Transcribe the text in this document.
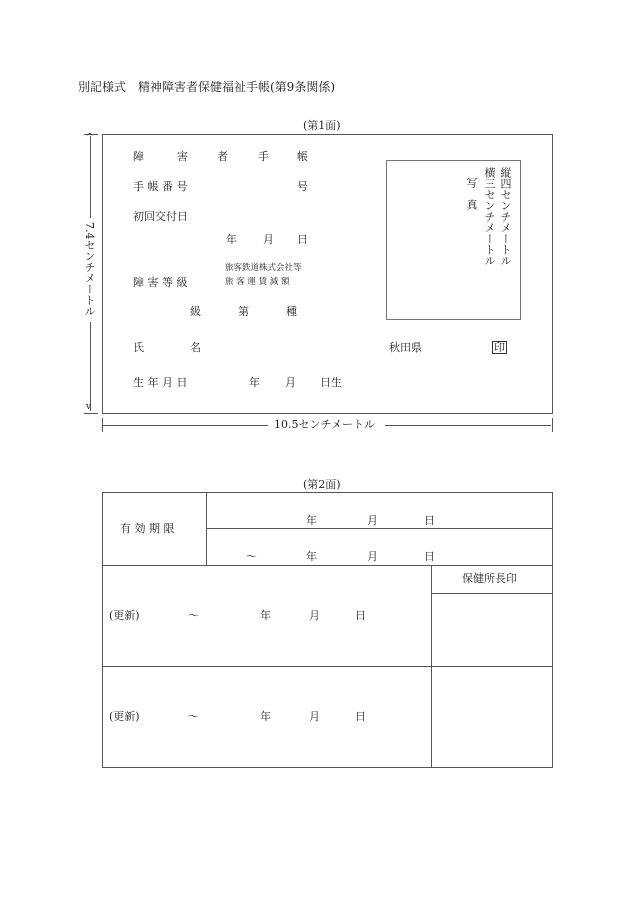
別記様式　精神障害者保健福祉手帳(第9条関係)
(第1面)
^
v
7.4センチメートル
10.5センチメートル
障	害	者	手	帳
手 帳 番 号	号
初回交付日
年 月 日
旅客鉄道株式会社等
旅 客 運 賃 減 額
障 害 等 級
級	第	種
氏	名	秋田県	印
生 年 月 日	年 月 日生
縦四センチメートル
横三センチメートル
写　真
(第2面)
有 効 期 限
年	月	日
〜	年	月	日
保健所長印
(更新)	〜	年	月	日
(更新)	〜	年	月	日
